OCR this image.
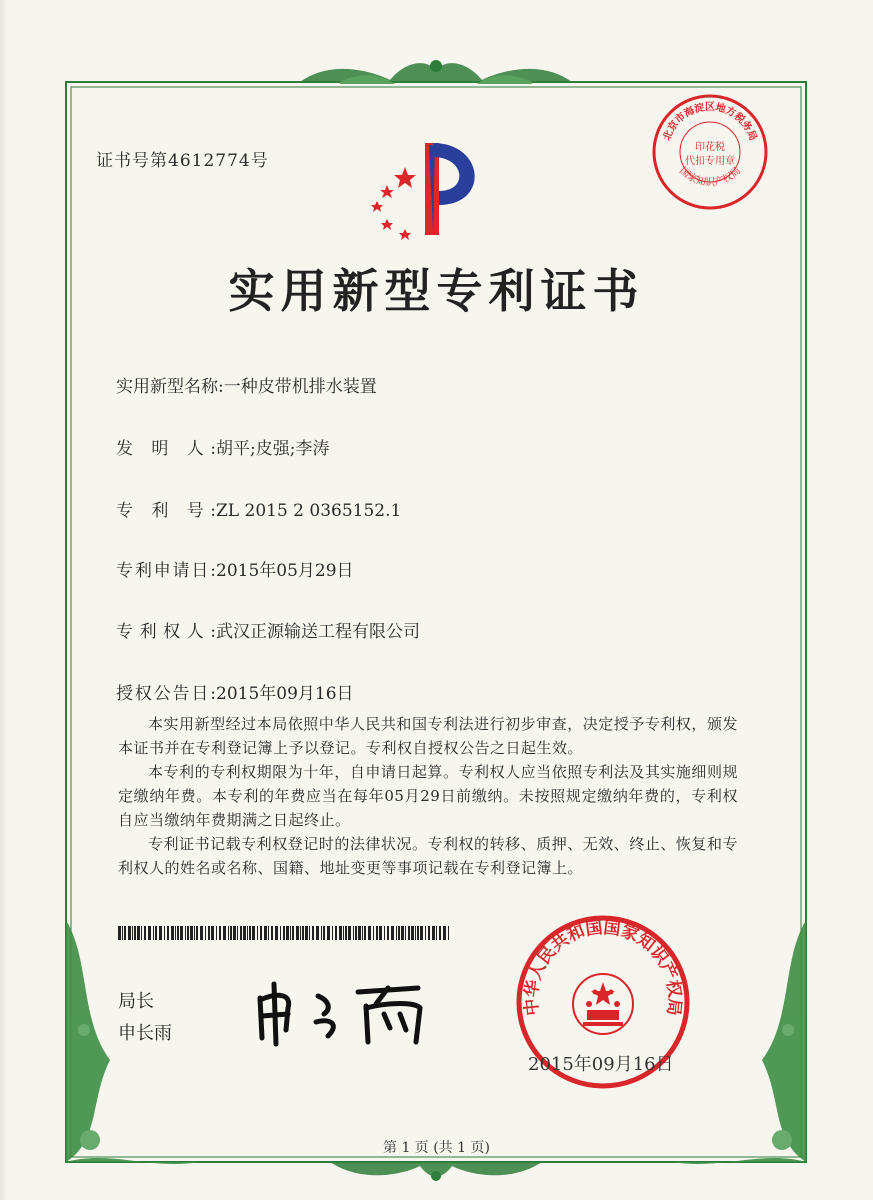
北京市海淀区地方税务局
印花税
代扣专用章
国家知识产权局
证书号第4612774号
实用新型专利证书
实用新型名称:一种皮带机排水装置
发 明 人:胡平;皮强;李涛
专 利 号:ZL 2015 2 0365152.1
专利申请日:2015年05月29日
专利权人:武汉正源输送工程有限公司
授权公告日:2015年09月16日

本实用新型经过本局依照中华人民共和国专利法进行初步审查，决定授予专利权，颁发本证书并在专利登记簿上予以登记。专利权自授权公告之日起生效。

本专利的专利权期限为十年，自申请日起算。专利权人应当依照专利法及其实施细则规定缴纳年费。本专利的年费应当在每年05月29日前缴纳。未按照规定缴纳年费的，专利权自应当缴纳年费期满之日起终止。

专利证书记载专利权登记时的法律状况。专利权的转移、质押、无效、终止、恢复和专利权人的姓名或名称、国籍、地址变更等事项记载在专利登记簿上。

局长
申长雨
中华人民共和国国家知识产权局
2015年09月16日
第 1 页 (共 1 页)
